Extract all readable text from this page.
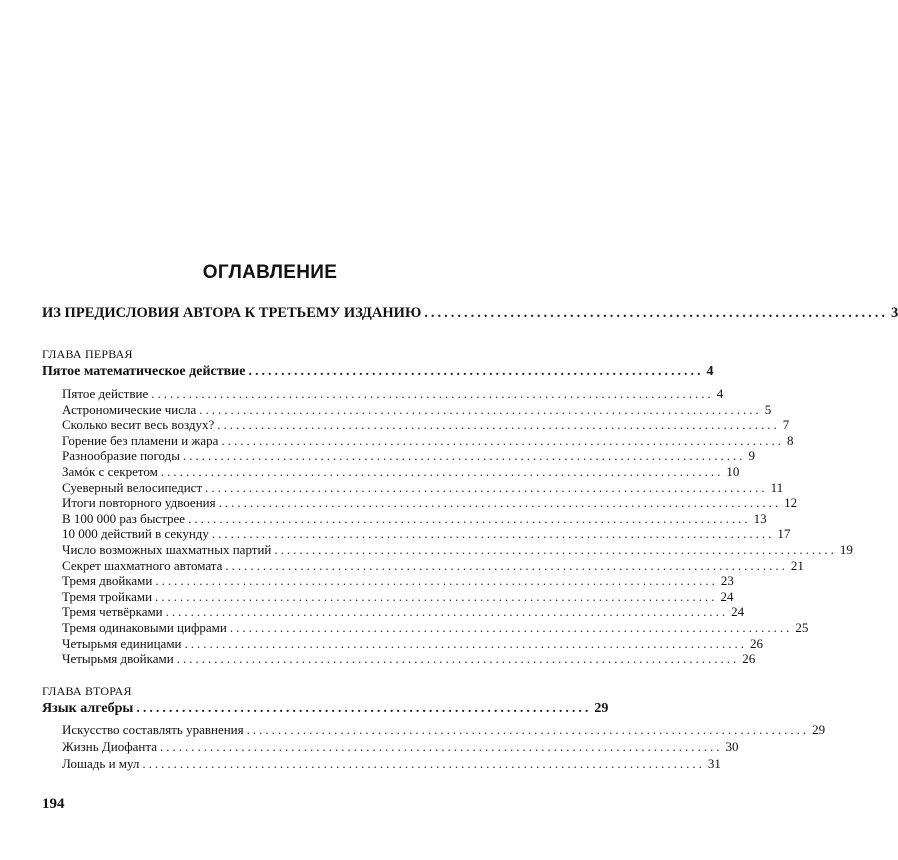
ОГЛАВЛЕНИЕ
ИЗ ПРЕДИСЛОВИЯ АВТОРА К ТРЕТЬЕМУ ИЗДАНИЮ ...................................................................... 3
ГЛАВА ПЕРВАЯ
Пятое математическое действие ...................................................................... 4
Пятое действие .......................................................................................... 4
Астрономические числа .......................................................................................... 5
Сколько весит весь воздух? .......................................................................................... 7
Горение без пламени и жара .......................................................................................... 8
Разнообразие погоды .......................................................................................... 9
Замóк с секретом .......................................................................................... 10
Суеверный велосипедист .......................................................................................... 11
Итоги повторного удвоения .......................................................................................... 12
В 100 000 раз быстрее .......................................................................................... 13
10 000 действий в секунду .......................................................................................... 17
Число возможных шахматных партий .......................................................................................... 19
Секрет шахматного автомата .......................................................................................... 21
Тремя двойками .......................................................................................... 23
Тремя тройками .......................................................................................... 24
Тремя четвёрками .......................................................................................... 24
Тремя одинаковыми цифрами .......................................................................................... 25
Четырьмя единицами .......................................................................................... 26
Четырьмя двойками .......................................................................................... 26
ГЛАВА ВТОРАЯ
Язык алгебры ...................................................................... 29
Искусство составлять уравнения .......................................................................................... 29
Жизнь Диофанта .......................................................................................... 30
Лошадь и мул .......................................................................................... 31
194
